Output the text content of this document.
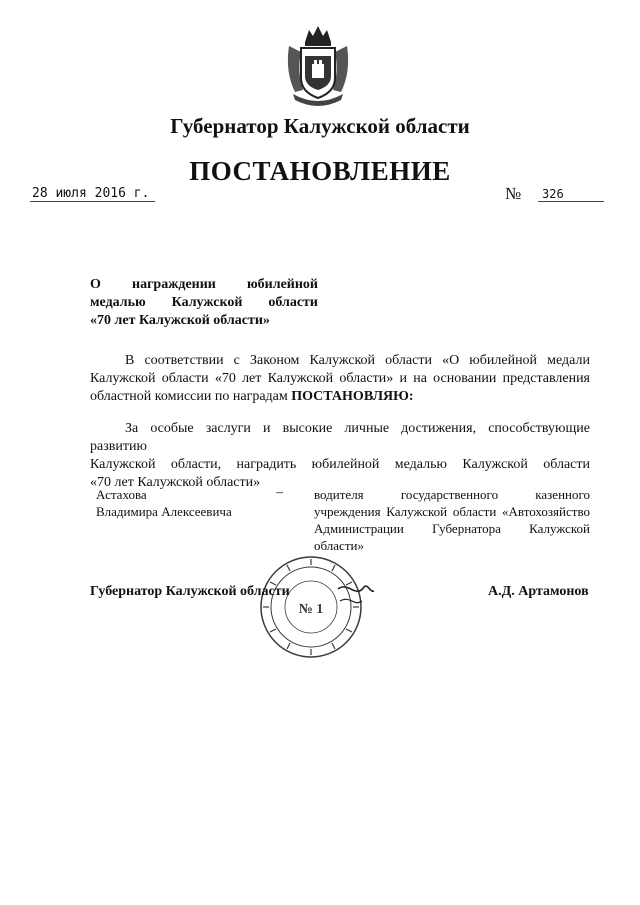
Губернатор Калужской области
ПОСТАНОВЛЕНИЕ
28 июля 2016 г.	№	326
О награждении юбилейной
медалью Калужской области
«70 лет Калужской области»
В соответствии с Законом Калужской области «О юбилейной медали
Калужской области «70 лет Калужской области» и на основании представления
областной комиссии по наградам ПОСТАНОВЛЯЮ:
За особые заслуги и высокие личные достижения, способствующие развитию
Калужской области, наградить юбилейной медалью Калужской области
«70 лет Калужской области»
Астахова
Владимира Алексеевича
– водителя государственного казенного
учреждения Калужской области «Автохозяйство
Администрации Губернатора Калужской
области»
№ 1
Губернатор Калужской области	А.Д. Артамонов
